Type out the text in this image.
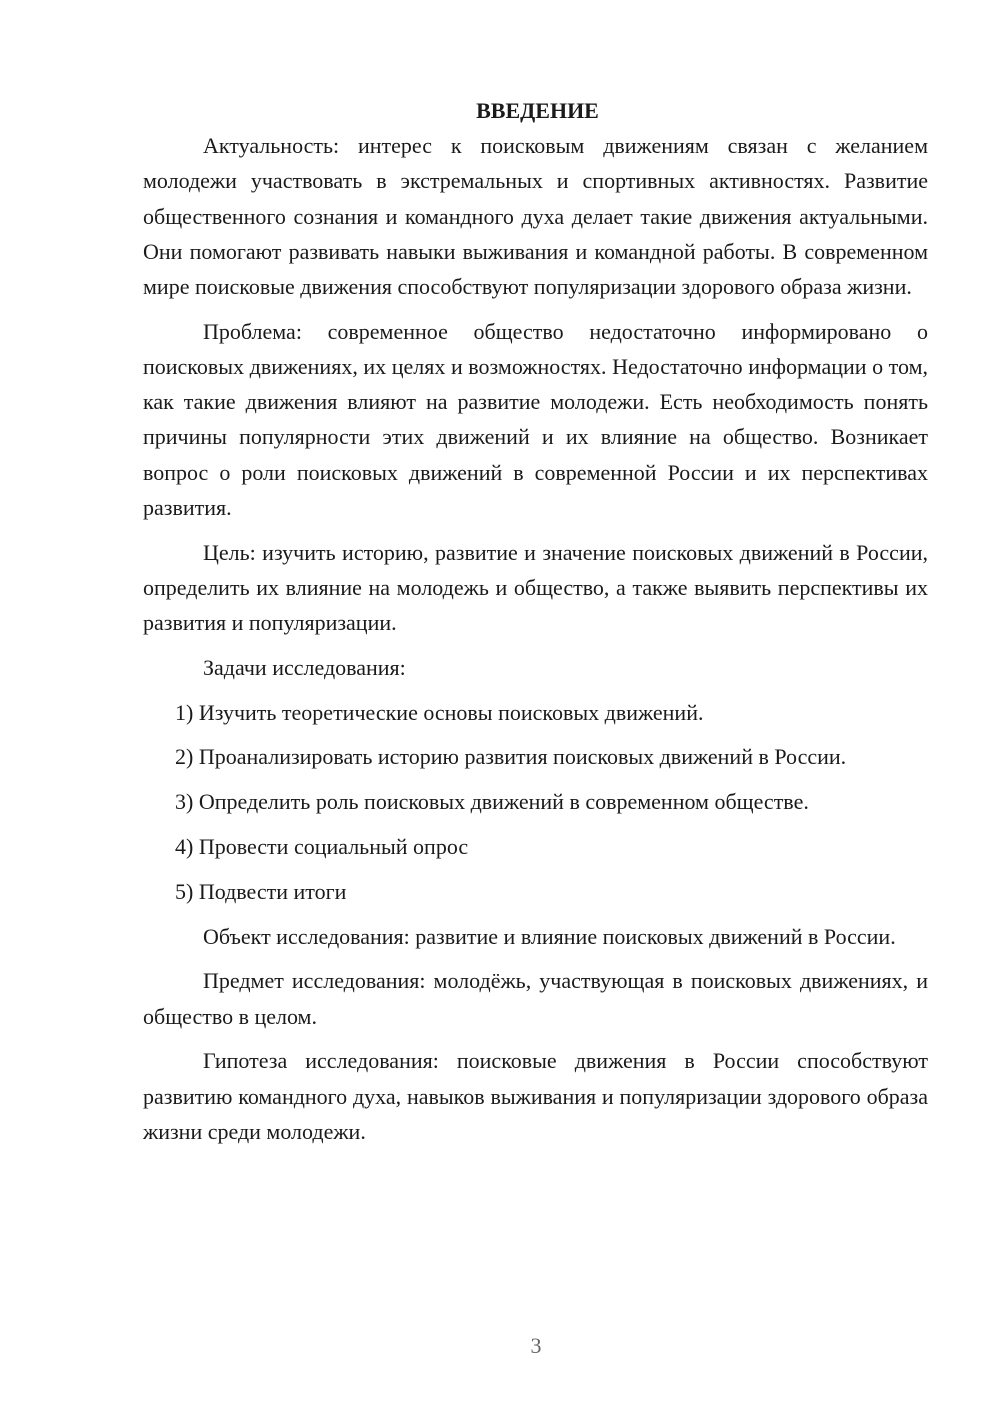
ВВЕДЕНИЕ

Актуальность: интерес к поисковым движениям связан с желанием молодежи участвовать в экстремальных и спортивных активностях. Развитие общественного сознания и командного духа делает такие движения актуальными. Они помогают развивать навыки выживания и командной работы. В современном мире поисковые движения способствуют популяризации здорового образа жизни.

Проблема: современное общество недостаточно информировано о поисковых движениях, их целях и возможностях. Недостаточно информации о том, как такие движения влияют на развитие молодежи. Есть необходимость понять причины популярности этих движений и их влияние на общество. Возникает вопрос о роли поисковых движений в современной России и их перспективах развития.

Цель: изучить историю, развитие и значение поисковых движений в России, определить их влияние на молодежь и общество, а также выявить перспективы их развития и популяризации.

Задачи исследования:

1) Изучить теоретические основы поисковых движений.

2) Проанализировать историю развития поисковых движений в России.

3) Определить роль поисковых движений в современном обществе.

4) Провести социальный опрос

5) Подвести итоги

Объект исследования: развитие и влияние поисковых движений в России.

Предмет исследования: молодёжь, участвующая в поисковых движениях, и общество в целом.

Гипотеза исследования: поисковые движения в России способствуют развитию командного духа, навыков выживания и популяризации здорового образа жизни среди молодежи.

3
